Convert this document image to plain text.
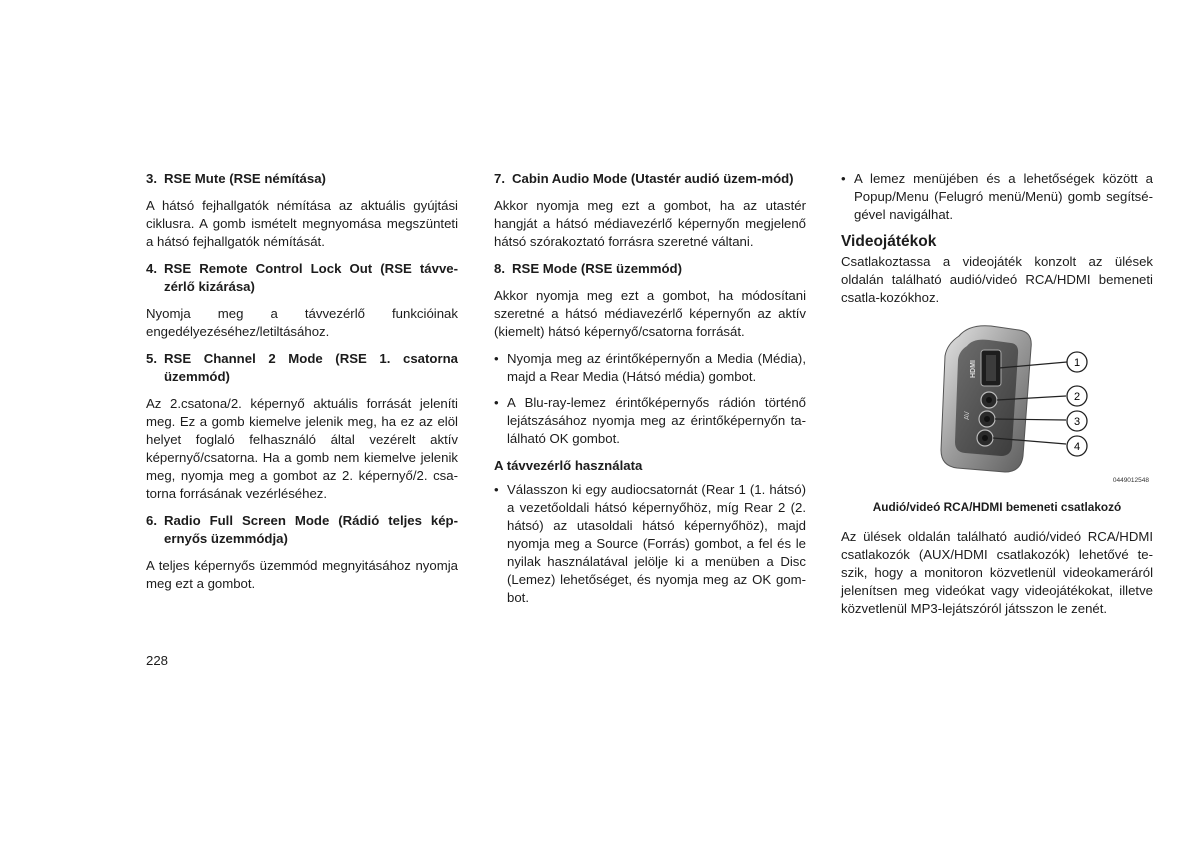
3. RSE Mute (RSE némítása)

A hátsó fejhallgatók némítása az aktuális gyújtási ciklusra. A gomb ismételt megnyomása megszünteti a hátsó fejhallgatók némítását.

4. RSE Remote Control Lock Out (RSE távve-zérlő kizárása)

Nyomja meg a távvezérlő funkcióinak engedélyezéséhez/letiltásához.

5. RSE Channel 2 Mode (RSE 1. csatorna üzemmód)

Az 2.csatona/2. képernyő aktuális forrását jeleníti meg. Ez a gomb kiemelve jelenik meg, ha ez az elöl helyet foglaló felhasználó által vezérelt aktív képernyő/csatorna. Ha a gomb nem kiemelve jelenik meg, nyomja meg a gombot az 2. képernyő/2. csa-torna forrásának vezérléséhez.

6. Radio Full Screen Mode (Rádió teljes kép-ernyős üzemmódja)

A teljes képernyős üzemmód megnyitásához nyomja meg ezt a gombot.

7. Cabin Audio Mode (Utastér audió üzem-mód)

Akkor nyomja meg ezt a gombot, ha az utastér hangját a hátsó médiavezérlő képernyőn megjelenő hátsó szórakoztató forrásra szeretné váltani.

8. RSE Mode (RSE üzemmód)

Akkor nyomja meg ezt a gombot, ha módosítani szeretné a hátsó médiavezérlő képernyőn az aktív (kiemelt) hátsó képernyő/csatorna forrását.

• Nyomja meg az érintőképernyőn a Media (Média), majd a Rear Media (Hátsó média) gombot.
• A Blu-ray-lemez érintőképernyős rádión történő lejátszásához nyomja meg az érintőképernyőn ta-lálható OK gombot.
A távvezérlő használata
• Válasszon ki egy audiocsatornát (Rear 1 (1. hátsó) a vezetőoldali hátsó képernyőhöz, míg Rear 2 (2. hátsó) az utasoldali hátsó képernyőhöz), majd nyomja meg a Source (Forrás) gombot, a fel és le nyilak használatával jelölje ki a menüben a Disc (Lemez) lehetőséget, és nyomja meg az OK gom-bot.
• A lemez menüjében és a lehetőségek között a Popup/Menu (Felugró menü/Menü) gomb segítsé-gével navigálhat.
Videojátékok

Csatlakoztassa a videojáték konzolt az ülések oldalán található audió/videó RCA/HDMI bemeneti csatla-kozókhoz.

HDMI
AV
1
2
3
4
0449012548
Audió/videó RCA/HDMI bemeneti csatlakozó

Az ülések oldalán található audió/videó RCA/HDMI csatlakozók (AUX/HDMI csatlakozók) lehetővé te-szik, hogy a monitoron közvetlenül videokameráról jelenítsen meg videókat vagy videojátékokat, illetve közvetlenül MP3-lejátszóról játsszon le zenét.

228
